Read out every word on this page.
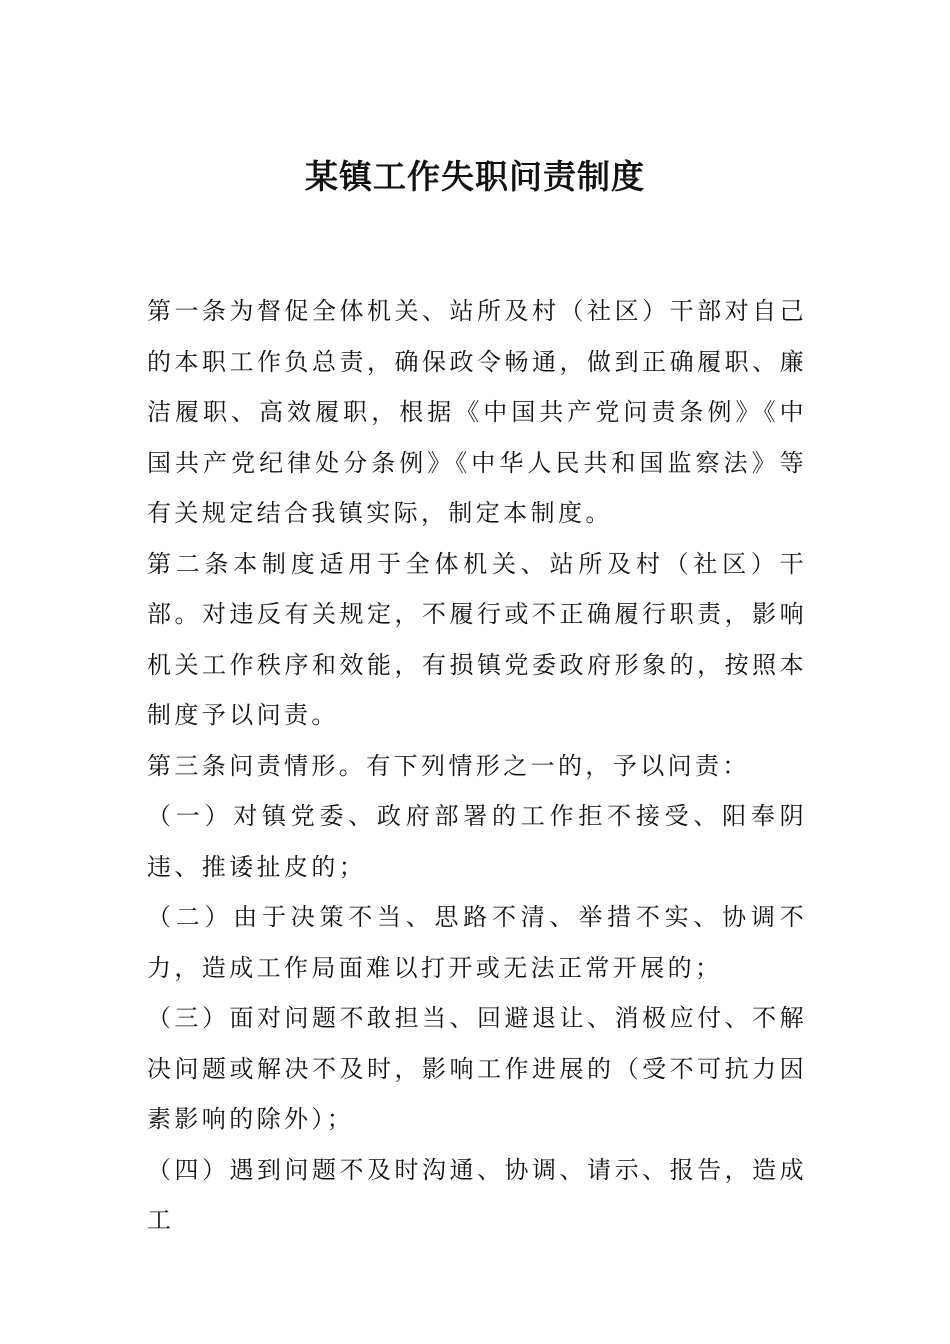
某镇工作失职问责制度

第一条为督促全体机关、站所及村（社区）干部对自己的本职工作负总责，确保政令畅通，做到正确履职、廉洁履职、高效履职，根据《中国共产党问责条例》《中国共产党纪律处分条例》《中华人民共和国监察法》等有关规定结合我镇实际，制定本制度。

第二条本制度适用于全体机关、站所及村（社区）干部。对违反有关规定，不履行或不正确履行职责，影响机关工作秩序和效能，有损镇党委政府形象的，按照本制度予以问责。

第三条问责情形。有下列情形之一的，予以问责：

（一）对镇党委、政府部署的工作拒不接受、阳奉阴违、推诿扯皮的；

（二）由于决策不当、思路不清、举措不实、协调不力，造成工作局面难以打开或无法正常开展的；

（三）面对问题不敢担当、回避退让、消极应付、不解决问题或解决不及时，影响工作进展的（受不可抗力因素影响的除外）；

（四）遇到问题不及时沟通、协调、请示、报告，造成工
